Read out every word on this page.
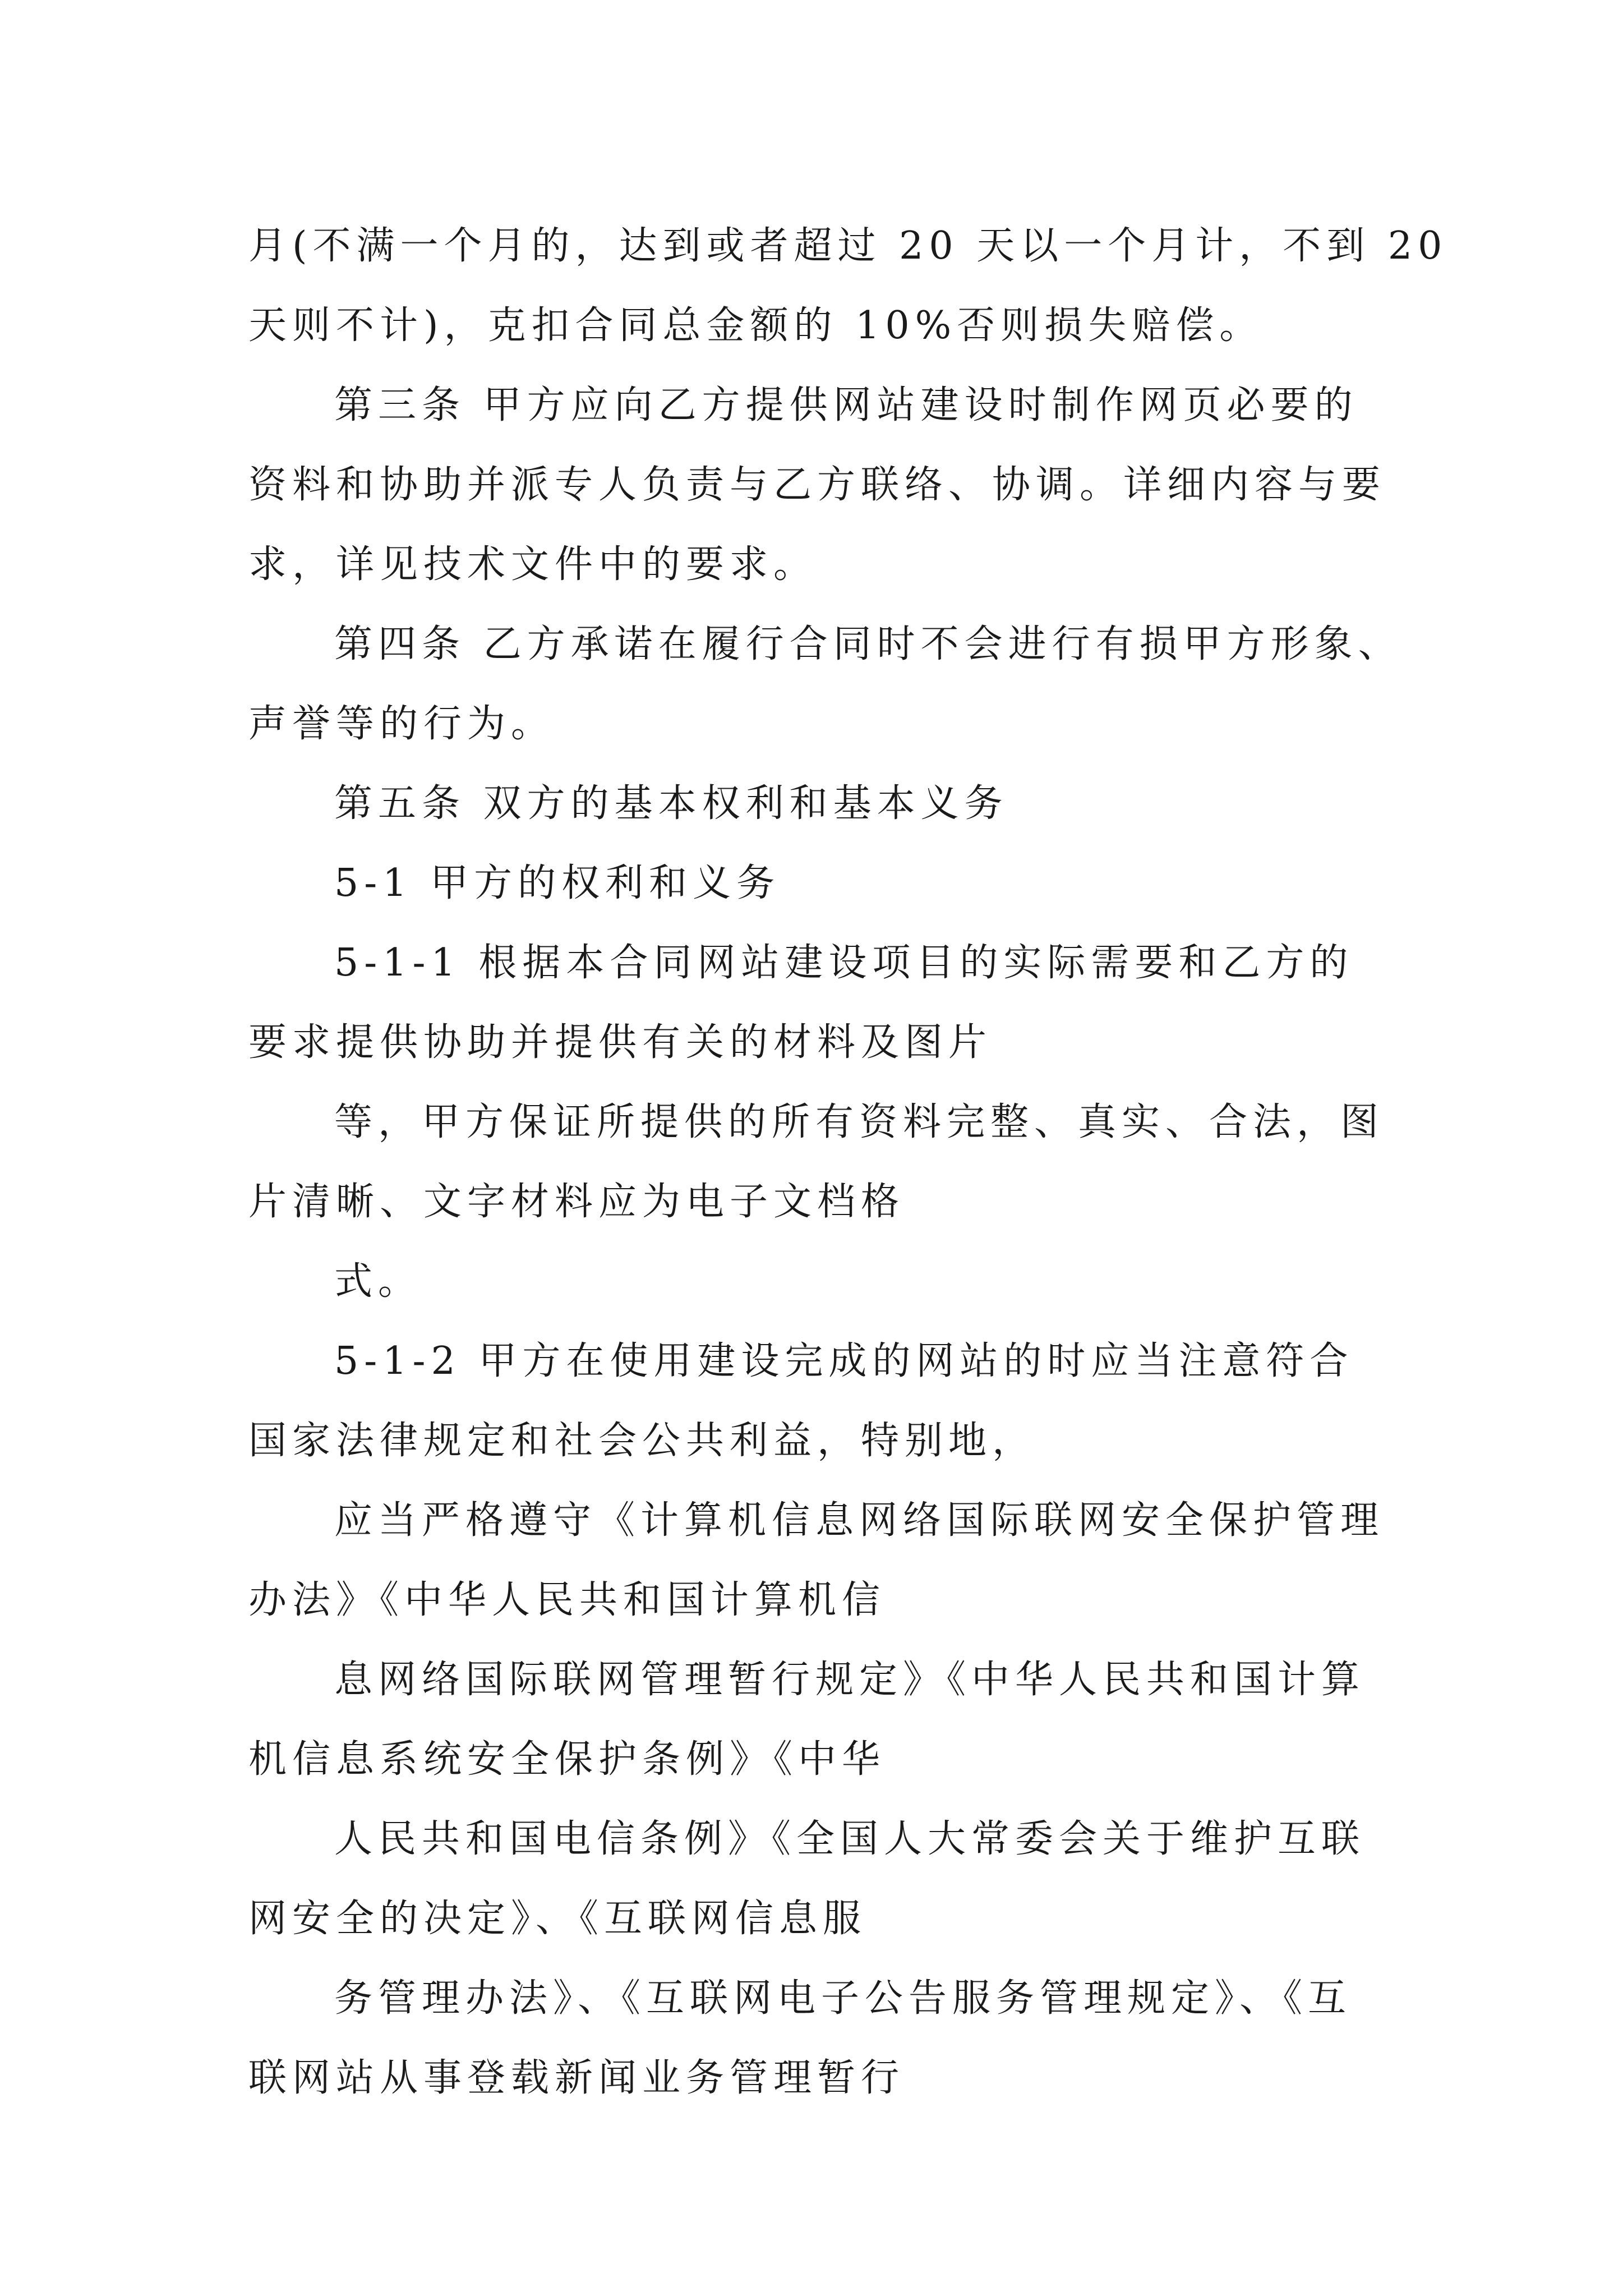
月(不满一个月的，达到或者超过 20 天以一个月计，不到 20
天则不计)，克扣合同总金额的 10%否则损失赔偿。
第三条 甲方应向乙方提供网站建设时制作网页必要的
资料和协助并派专人负责与乙方联络、协调。详细内容与要
求，详见技术文件中的要求。
第四条 乙方承诺在履行合同时不会进行有损甲方形象、
声誉等的行为。
第五条 双方的基本权利和基本义务
5-1 甲方的权利和义务
5-1-1 根据本合同网站建设项目的实际需要和乙方的
要求提供协助并提供有关的材料及图片
等，甲方保证所提供的所有资料完整、真实、合法，图
片清晰、文字材料应为电子文档格
式。
5-1-2 甲方在使用建设完成的网站的时应当注意符合
国家法律规定和社会公共利益，特别地，
应当严格遵守《计算机信息网络国际联网安全保护管理
办法》《中华人民共和国计算机信
息网络国际联网管理暂行规定》《中华人民共和国计算
机信息系统安全保护条例》《中华
人民共和国电信条例》《全国人大常委会关于维护互联
网安全的决定》、《互联网信息服
务管理办法》、《互联网电子公告服务管理规定》、《互
联网站从事登载新闻业务管理暂行
